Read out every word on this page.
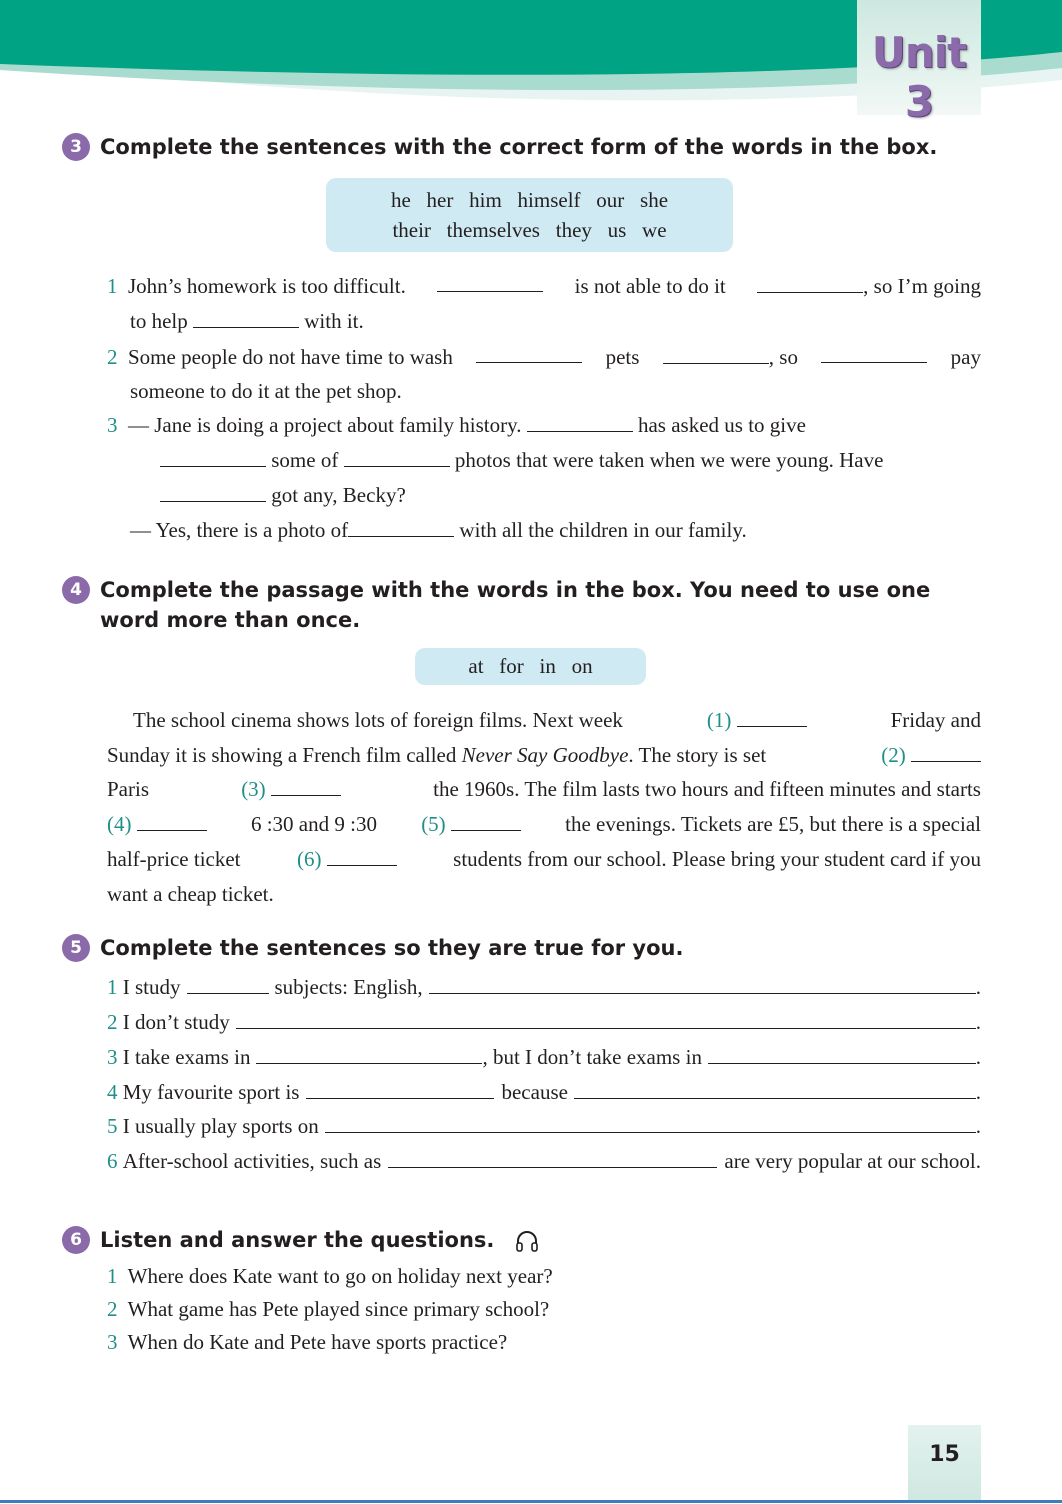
Unit 3
3 Complete the sentences with the correct form of the words in the box.
he   her   him   himself   our   she
their   themselves   they   us   we
1 John’s homework is too difficult.	is not able to do it	, so I’m going
to help	with it.
2 Some people do not have time to wash	pets	, so	pay
someone to do it at the pet shop.
3 — Jane is doing a project about family history.	has asked us to give
some of	photos that were taken when we were young. Have
got any, Becky?
— Yes, there is a photo of	with all the children in our family.
4 Complete the passage with the words in the box. You need to use one word more than once.
at   for   in   on
The school cinema shows lots of foreign films. Next week	(1)	Friday and
Sunday it is showing a French film called Never Say Goodbye. The story is set	(2)
Paris	(3)	the 1960s. The film lasts two hours and fifteen minutes and starts
(4)	6 :30 and 9 :30 (5)	the evenings. Tickets are £5, but there is a special
half-price ticket	(6)	students from our school. Please bring your student card if you
want a cheap ticket.
5 Complete the sentences so they are true for you.
1
I study	subjects: English,	.
2
I don’t study	.
3
I take exams in	, but I don’t take exams in	.
4
My favourite sport is	because	.
5
I usually play sports on	.
6
After-school activities, such as	are very popular at our school.
6 Listen and answer the questions.
1 Where does Kate want to go on holiday next year?
2 What game has Pete played since primary school?
3 When do Kate and Pete have sports practice?
15
